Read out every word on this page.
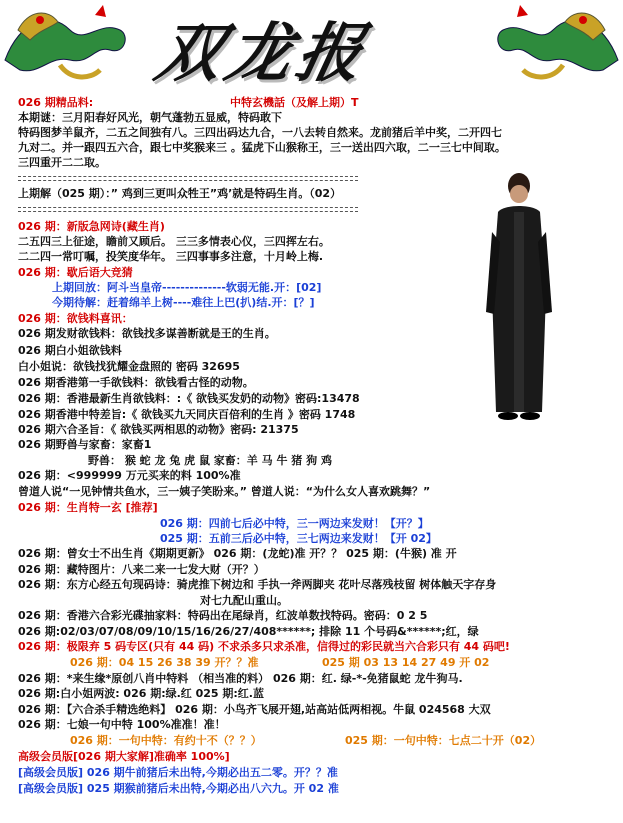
双龙报
026 期精品料:	中特玄機話（及解上期）T
本期谜：三月阳春好风光，朝气蓬勃五显威，特码敢下
特码图梦羊鼠齐，二五之间独有八。三四出码达九合，一八去转自然来。龙前猪后羊中奖，二开四七
九对二。并一跟四五六合，跟七中奖猴来三 。猛虎下山猴称王，三一送出四六取，二一三七中间取。
三四重开二二取。
上期解（025 期）：” 鸡到三更叫众牲王”鸡’就是特码生肖。（02）
026 期：新版急网诗(藏生肖)
二五四三上征途，瞻前又顾后。 三三多情表心仪，三四挥左右。
二二四一常叮嘱，投笑度华年。 三四事事多注意，十月岭上梅.
026 期：歇后语大竞猜
上期回放：阿斗当皇帝--------------软弱无能.开：[02]
今期待解：赶着绵羊上树----难往上巴(扒)结.开：[？]
026 期：欲钱料喜讯：
026 期发财欲钱料：欲钱找多谋善断就是王的生肖。
026 期白小姐欲钱料
白小姐说：欲钱找犹耀金盘照的 密码 32695
026 期香港第一手欲钱料：欲钱看古怪的动物。
026 期：香港最新生肖欲钱料：:《 欲钱买发奶的动物》密码:13478
026 期香港中特差旨:《 欲钱买九天同庆百倍利的生肖 》密码 1748
026 期六合圣旨：《 欲钱买两相思的动物》密码: 21375
026 期野兽与家畜：家畜1
野兽： 猴 蛇 龙 兔 虎 鼠 家畜：羊 马 牛 猪 狗 鸡
026 期：<999999 万元买来的料 100%准
曾道人说“一见钟情共鱼水，三一姨子笑盼来。” 曾道人说：“为什么女人喜欢跳舞？”
026 期：生肖特一玄 [推荐]
026 期：四前七后必中特，三一两边来发财！【开？】
025 期：五前三后必中特，三七两边来发财！【开 02】
026 期：曾女士不出生肖《期期更新》 026 期：(龙蛇)准 开？？ 025 期：(牛猴) 准 开
026 期：藏特图片：八来二来一七发大财（开？）
026 期：东方心经五句现码诗：骑虎推下树边和 手执一斧两脚夹 花叶尽落残枝留 树体触天字存身
对七九配山重山。
026 期：香港六合彩光碟抽家料：特码出在尾绿肖，红波单数找特码。密码：0 2 5
026 期:02/03/07/08/09/10/15/16/26/27/408******; 排除 11 个号码&******;红，绿
026 期：极限弃 5 码专区(只有 44 码) 不求杀多只求杀准，信得过的彩民就当六合彩只有 44 码吧!
026 期：04 15 26 38 39 开？？准	025 期 03 13 14 27 49 开 02
026 期：*来生缘*原创八肖中特料 （相当准的料） 026 期：红. 绿-*-免猪鼠蛇 龙牛狗马.
026 期:白小姐两波: 026 期:绿.红 025 期:红.蓝
026 期：【六合杀手精选绝料】 026 期：小鸟齐飞展开翅,站高站低两相视。牛鼠 024568 大双
026 期：七娘一句中特 100%准准！准！
026 期：一句中特：有约十不（？？）	025 期：一句中特：七点二十开（02）
高级会员版[026 期大家解]准确率 100%]
[高级会员版] 026 期牛前猪后未出特,今期必出五二零。开？？准
[高级会员版] 025 期猴前猪后未出特,今期必出八六九。开 02 准
